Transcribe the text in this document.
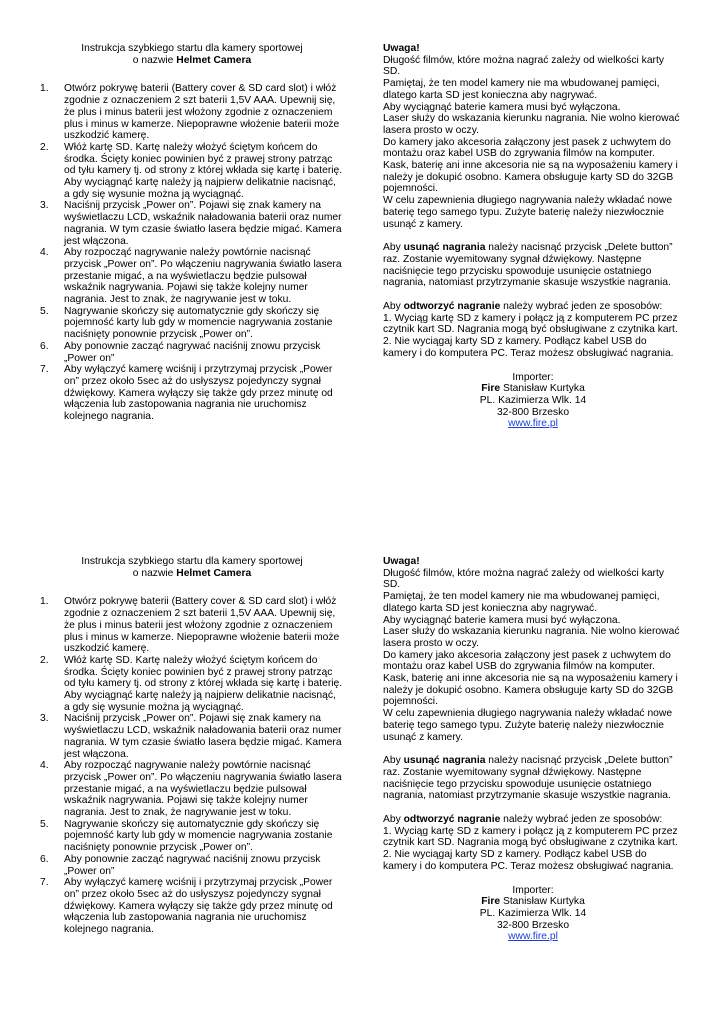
Instrukcja szybkiego startu dla kamery sportowej
o nazwie Helmet Camera

1. Otwórz pokrywę baterii (Battery cover & SD card slot) i włóż zgodnie z oznaczeniem 2 szt baterii 1,5V AAA. Upewnij się, że plus i minus baterii jest włożony zgodnie z oznaczeniem plus i minus w kamerze. Niepoprawne włożenie baterii może uszkodzić kamerę.
2. Włóż kartę SD. Kartę należy włożyć ściętym końcem do środka. Ścięty koniec powinien być z prawej strony patrząc od tyłu kamery tj. od strony z której wkłada się kartę i baterię. Aby wyciągnąć kartę należy ją najpierw delikatnie nacisnąć, a gdy się wysunie można ją wyciągnąć.
3. Naciśnij przycisk „Power on”. Pojawi się znak kamery na wyświetlaczu LCD, wskaźnik naładowania baterii oraz numer nagrania. W tym czasie światło lasera będzie migać. Kamera jest włączona.
4. Aby rozpocząć nagrywanie należy powtórnie nacisnąć przycisk „Power on”. Po włączeniu nagrywania światło lasera przestanie migać, a na wyświetlaczu będzie pulsował wskaźnik nagrywania. Pojawi się także kolejny numer nagrania. Jest to znak, że nagrywanie jest w toku.
5. Nagrywanie skończy się automatycznie gdy skończy się pojemność karty lub gdy w momencie nagrywania zostanie naciśnięty ponownie przycisk „Power on”.
6. Aby ponownie zacząć nagrywać naciśnij znowu przycisk „Power on”
7. Aby wyłączyć kamerę wciśnij i przytrzymaj przycisk „Power on” przez około 5sec aż do usłyszysz pojedynczy sygnał dźwiękowy. Kamera wyłączy się także gdy przez minutę od włączenia lub zastopowania nagrania nie uruchomisz kolejnego nagrania.

Uwaga!

Długość filmów, które można nagrać zależy od wielkości karty SD.

Pamiętaj, że ten model kamery nie ma wbudowanej pamięci, dlatego karta SD jest konieczna aby nagrywać.

Aby wyciągnąć baterie kamera musi być wyłączona.

Laser służy do wskazania kierunku nagrania. Nie wolno kierować lasera prosto w oczy.

Do kamery jako akcesoria załączony jest pasek z uchwytem do montażu oraz kabel USB do zgrywania filmów na komputer.

Kask, baterię ani inne akcesoria nie są na wyposażeniu kamery i należy je dokupić osobno. Kamera obsługuje karty SD do 32GB pojemności.

W celu zapewnienia długiego nagrywania należy wkładać nowe baterię tego samego typu. Zużyte baterię należy niezwłocznie usunąć z kamery.

Aby usunąć nagrania należy nacisnąć przycisk „Delete button” raz. Zostanie wyemitowany sygnał dźwiękowy. Następne naciśnięcie tego przycisku spowoduje usunięcie ostatniego nagrania, natomiast przytrzymanie skasuje wszystkie nagrania.

Aby odtworzyć nagranie należy wybrać jeden ze sposobów:

1. Wyciąg kartę SD z kamery i połącz ją z komputerem PC przez czytnik kart SD. Nagrania mogą być obsługiwane z czytnika kart.

2. Nie wyciągaj karty SD z kamery. Podłącz kabel USB do kamery i do komputera PC. Teraz możesz obsługiwać nagrania.

Importer:
Fire Stanisław Kurtyka
PL. Kazimierza Wlk. 14
32-800 Brzesko
www.fire.pl

Instrukcja szybkiego startu dla kamery sportowej
o nazwie Helmet Camera

1. Otwórz pokrywę baterii (Battery cover & SD card slot) i włóż zgodnie z oznaczeniem 2 szt baterii 1,5V AAA. Upewnij się, że plus i minus baterii jest włożony zgodnie z oznaczeniem plus i minus w kamerze. Niepoprawne włożenie baterii może uszkodzić kamerę.
2. Włóż kartę SD. Kartę należy włożyć ściętym końcem do środka. Ścięty koniec powinien być z prawej strony patrząc od tyłu kamery tj. od strony z której wkłada się kartę i baterię. Aby wyciągnąć kartę należy ją najpierw delikatnie nacisnąć, a gdy się wysunie można ją wyciągnąć.
3. Naciśnij przycisk „Power on”. Pojawi się znak kamery na wyświetlaczu LCD, wskaźnik naładowania baterii oraz numer nagrania. W tym czasie światło lasera będzie migać. Kamera jest włączona.
4. Aby rozpocząć nagrywanie należy powtórnie nacisnąć przycisk „Power on”. Po włączeniu nagrywania światło lasera przestanie migać, a na wyświetlaczu będzie pulsował wskaźnik nagrywania. Pojawi się także kolejny numer nagrania. Jest to znak, że nagrywanie jest w toku.
5. Nagrywanie skończy się automatycznie gdy skończy się pojemność karty lub gdy w momencie nagrywania zostanie naciśnięty ponownie przycisk „Power on”.
6. Aby ponownie zacząć nagrywać naciśnij znowu przycisk „Power on”
7. Aby wyłączyć kamerę wciśnij i przytrzymaj przycisk „Power on” przez około 5sec aż do usłyszysz pojedynczy sygnał dźwiękowy. Kamera wyłączy się także gdy przez minutę od włączenia lub zastopowania nagrania nie uruchomisz kolejnego nagrania.

Uwaga!

Długość filmów, które można nagrać zależy od wielkości karty SD.

Pamiętaj, że ten model kamery nie ma wbudowanej pamięci, dlatego karta SD jest konieczna aby nagrywać.

Aby wyciągnąć baterie kamera musi być wyłączona.

Laser służy do wskazania kierunku nagrania. Nie wolno kierować lasera prosto w oczy.

Do kamery jako akcesoria załączony jest pasek z uchwytem do montażu oraz kabel USB do zgrywania filmów na komputer.

Kask, baterię ani inne akcesoria nie są na wyposażeniu kamery i należy je dokupić osobno. Kamera obsługuje karty SD do 32GB pojemności.

W celu zapewnienia długiego nagrywania należy wkładać nowe baterię tego samego typu. Zużyte baterię należy niezwłocznie usunąć z kamery.

Aby usunąć nagrania należy nacisnąć przycisk „Delete button” raz. Zostanie wyemitowany sygnał dźwiękowy. Następne naciśnięcie tego przycisku spowoduje usunięcie ostatniego nagrania, natomiast przytrzymanie skasuje wszystkie nagrania.

Aby odtworzyć nagranie należy wybrać jeden ze sposobów:

1. Wyciąg kartę SD z kamery i połącz ją z komputerem PC przez czytnik kart SD. Nagrania mogą być obsługiwane z czytnika kart.

2. Nie wyciągaj karty SD z kamery. Podłącz kabel USB do kamery i do komputera PC. Teraz możesz obsługiwać nagrania.

Importer:
Fire Stanisław Kurtyka
PL. Kazimierza Wlk. 14
32-800 Brzesko
www.fire.pl
